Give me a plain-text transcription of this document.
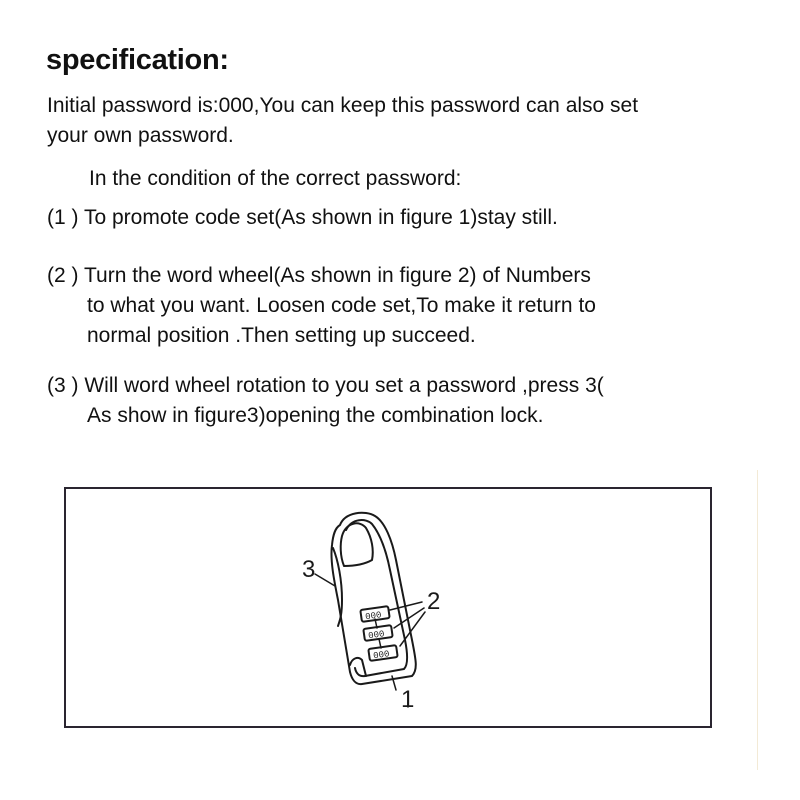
specification:

Initial password is:000,You can keep this password can also set
your own password.

In the condition of the correct password:

(1 ) To promote code set(As shown in figure 1)stay still.

(2 ) Turn the word wheel(As shown in figure 2) of Numbers
to what you want. Loosen code set,To make it return to
normal position .Then setting up succeed.

(3 ) Will word wheel rotation to you set a password ,press 3(
As show in figure3)opening the combination lock.

000
000
000
3
2
1
